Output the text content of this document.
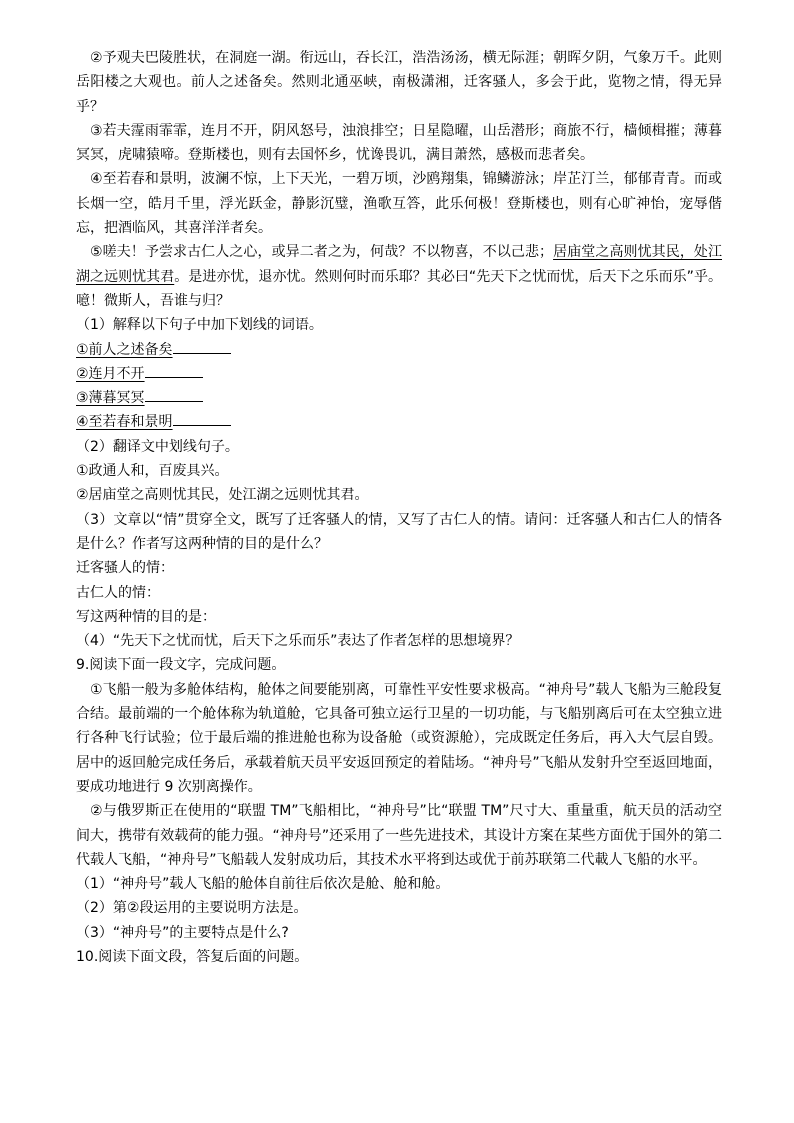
②予观夫巴陵胜状，在洞庭一湖。衔远山，吞长江，浩浩汤汤，横无际涯；朝晖夕阴，气象万千。此则岳阳楼之大观也。前人之述备矣。然则北通巫峡，南极潇湘，迁客骚人，多会于此，览物之情，得无异乎？

③若夫霪雨霏霏，连月不开，阴风怒号，浊浪排空；日星隐曜，山岳潜形；商旅不行，樯倾楫摧；薄暮冥冥，虎啸猿啼。登斯楼也，则有去国怀乡，忧谗畏讥，满目萧然，感极而悲者矣。

④至若春和景明，波澜不惊，上下天光，一碧万顷，沙鸥翔集，锦鳞游泳；岸芷汀兰，郁郁青青。而或长烟一空，皓月千里，浮光跃金，静影沉璧，渔歌互答，此乐何极！登斯楼也，则有心旷神怡，宠辱偕忘，把酒临风，其喜洋洋者矣。

⑤嗟夫！予尝求古仁人之心，或异二者之为，何哉？不以物喜，不以己悲；居庙堂之高则忧其民，处江湖之远则忧其君。是进亦忧，退亦忧。然则何时而乐耶？其必曰“先天下之忧而忧，后天下之乐而乐”乎。噫！微斯人，吾谁与归？

（1）解释以下句子中加下划线的词语。

①前人之述备矣

②连月不开

③薄暮冥冥

④至若春和景明

（2）翻译文中划线句子。

①政通人和，百废具兴。

②居庙堂之高则忧其民，处江湖之远则忧其君。

（3）文章以“情”贯穿全文，既写了迁客骚人的情，又写了古仁人的情。请问：迁客骚人和古仁人的情各是什么？作者写这两种情的目的是什么？

迁客骚人的情：

古仁人的情：

写这两种情的目的是：

（4）“先天下之忧而忧，后天下之乐而乐”表达了作者怎样的思想境界？

9.阅读下面一段文字，完成问题。

①飞船一般为多舱体结构，舱体之间要能别离，可靠性平安性要求极高。“神舟号”载人飞船为三舱段复合结。最前端的一个舱体称为轨道舱，它具备可独立运行卫星的一切功能，与飞船别离后可在太空独立进行各种飞行试验；位于最后端的推进舱也称为设备舱（或资源舱），完成既定任务后，再入大气层自毁。居中的返回舱完成任务后，承载着航天员平安返回预定的着陆场。“神舟号”飞船从发射升空至返回地面，要成功地进行 9 次别离操作。

②与俄罗斯正在使用的“联盟 TM”飞船相比，“神舟号”比“联盟 TM”尺寸大、重量重，航天员的活动空间大，携带有效载荷的能力强。“神舟号”还采用了一些先进技术，其设计方案在某些方面优于国外的第二代载人飞船，“神舟号”飞船载人发射成功后，其技术水平将到达或优于前苏联第二代載人飞船的水平。

（1）“神舟号”载人飞船的舱体自前往后依次是舱、舱和舱。

（2）第②段运用的主要说明方法是。

（3）“神舟号”的主要特点是什么?

10.阅读下面文段，答复后面的问题。
